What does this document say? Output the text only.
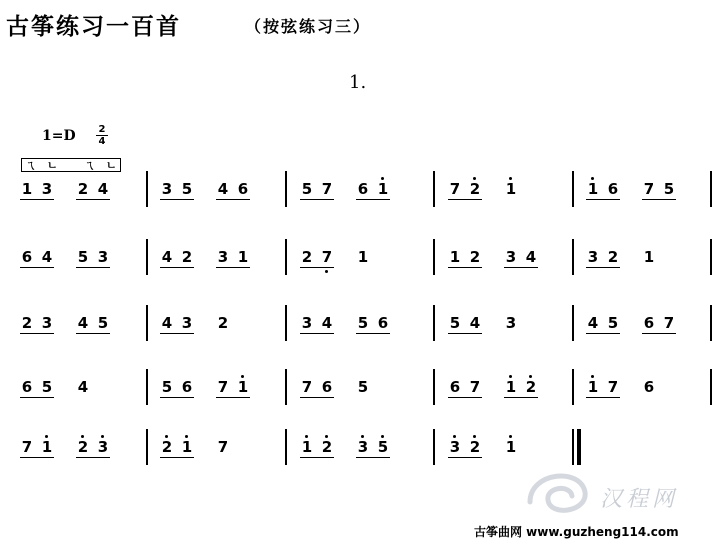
古筝练习一百首	（按弦练习三）
1.
1=D	2
4
ㄟ ㄴ ㄟ ㄴ
1 3 2 4	3 5 4 6	5 7 6 1	7 2 1	1 6 7 5
6 4 5 3	4 2 3 1	2 7 1	1 2 3 4	3 2 1
2 3 4 5	4 3 2	3 4 5 6	5 4 3	4 5 6 7
6 5 4	5 6 7 1	7 6 5	6 7 1 2	1 7 6
7 1 2 3	2 1 7	1 2 3 5	3 2 1
汉程网
古筝曲网 www.guzheng114.com
